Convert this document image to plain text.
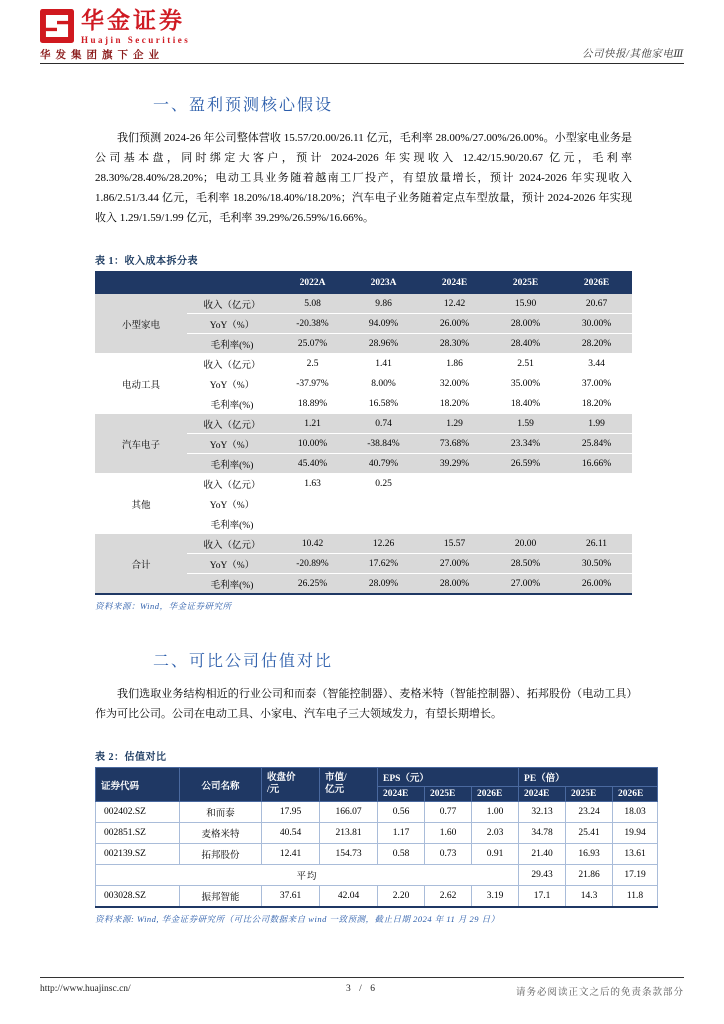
华金证券
Huajin Securities
华发集团旗下企业	公司快报/其他家电Ⅲ
一、盈利预测核心假设

我们预测 2024-26 年公司整体营收 15.57/20.00/26.11 亿元，毛利率 28.00%/27.00%/26.00%。小型家电业务是公司基本盘，同时绑定大客户，预计 2024-2026 年实现收入 12.42/15.90/20.67 亿元，毛利率 28.30%/28.40%/28.20%；电动工具业务随着越南工厂投产，有望放量增长，预计 2024-2026 年实现收入 1.86/2.51/3.44 亿元，毛利率 18.20%/18.40%/18.20%；汽车电子业务随着定点车型放量，预计 2024-2026 年实现收入 1.29/1.59/1.99 亿元，毛利率 39.29%/26.59%/16.66%。

表 1：收入成本拆分表
		2022A	2023A	2024E	2025E	2026E
小型家电	收入（亿元）	5.08	9.86	12.42	15.90	20.67
	YoY（%）	-20.38%	94.09%	26.00%	28.00%	30.00%
	毛利率(%)	25.07%	28.96%	28.30%	28.40%	28.20%
电动工具	收入（亿元）	2.5	1.41	1.86	2.51	3.44
	YoY（%）	-37.97%	8.00%	32.00%	35.00%	37.00%
	毛利率(%)	18.89%	16.58%	18.20%	18.40%	18.20%
汽车电子	收入（亿元）	1.21	0.74	1.29	1.59	1.99
	YoY（%）	10.00%	-38.84%	73.68%	23.34%	25.84%
	毛利率(%)	45.40%	40.79%	39.29%	26.59%	16.66%
其他	收入（亿元）	1.63	0.25			
	YoY（%）					
	毛利率(%)					
合计	收入（亿元）	10.42	12.26	15.57	20.00	26.11
	YoY（%）	-20.89%	17.62%	27.00%	28.50%	30.50%
	毛利率(%)	26.25%	28.09%	28.00%	27.00%	26.00%
资料来源：Wind，华金证券研究所
二、可比公司估值对比

我们选取业务结构相近的行业公司和而泰（智能控制器）、麦格米特（智能控制器）、拓邦股份（电动工具）作为可比公司。公司在电动工具、小家电、汽车电子三大领域发力，有望长期增长。

表 2：估值对比
证券代码	公司名称	收盘价
/元	市值/
亿元	EPS（元）			PE（倍）		
				2024E	2025E	2026E	2024E	2025E	2026E
002402.SZ	和而泰	17.95	166.07	0.56	0.77	1.00	32.13	23.24	18.03
002851.SZ	麦格米特	40.54	213.81	1.17	1.60	2.03	34.78	25.41	19.94
002139.SZ	拓邦股份	12.41	154.73	0.58	0.73	0.91	21.40	16.93	13.61
平均							29.43	21.86	17.19
003028.SZ	振邦智能	37.61	42.04	2.20	2.62	3.19	17.1	14.3	11.8
资料来源: Wind, 华金证券研究所（可比公司数据来自 wind 一致预测，截止日期 2024 年 11 月 29 日）
http://www.huajinsc.cn/	3 / 6	请务必阅读正文之后的免责条款部分
